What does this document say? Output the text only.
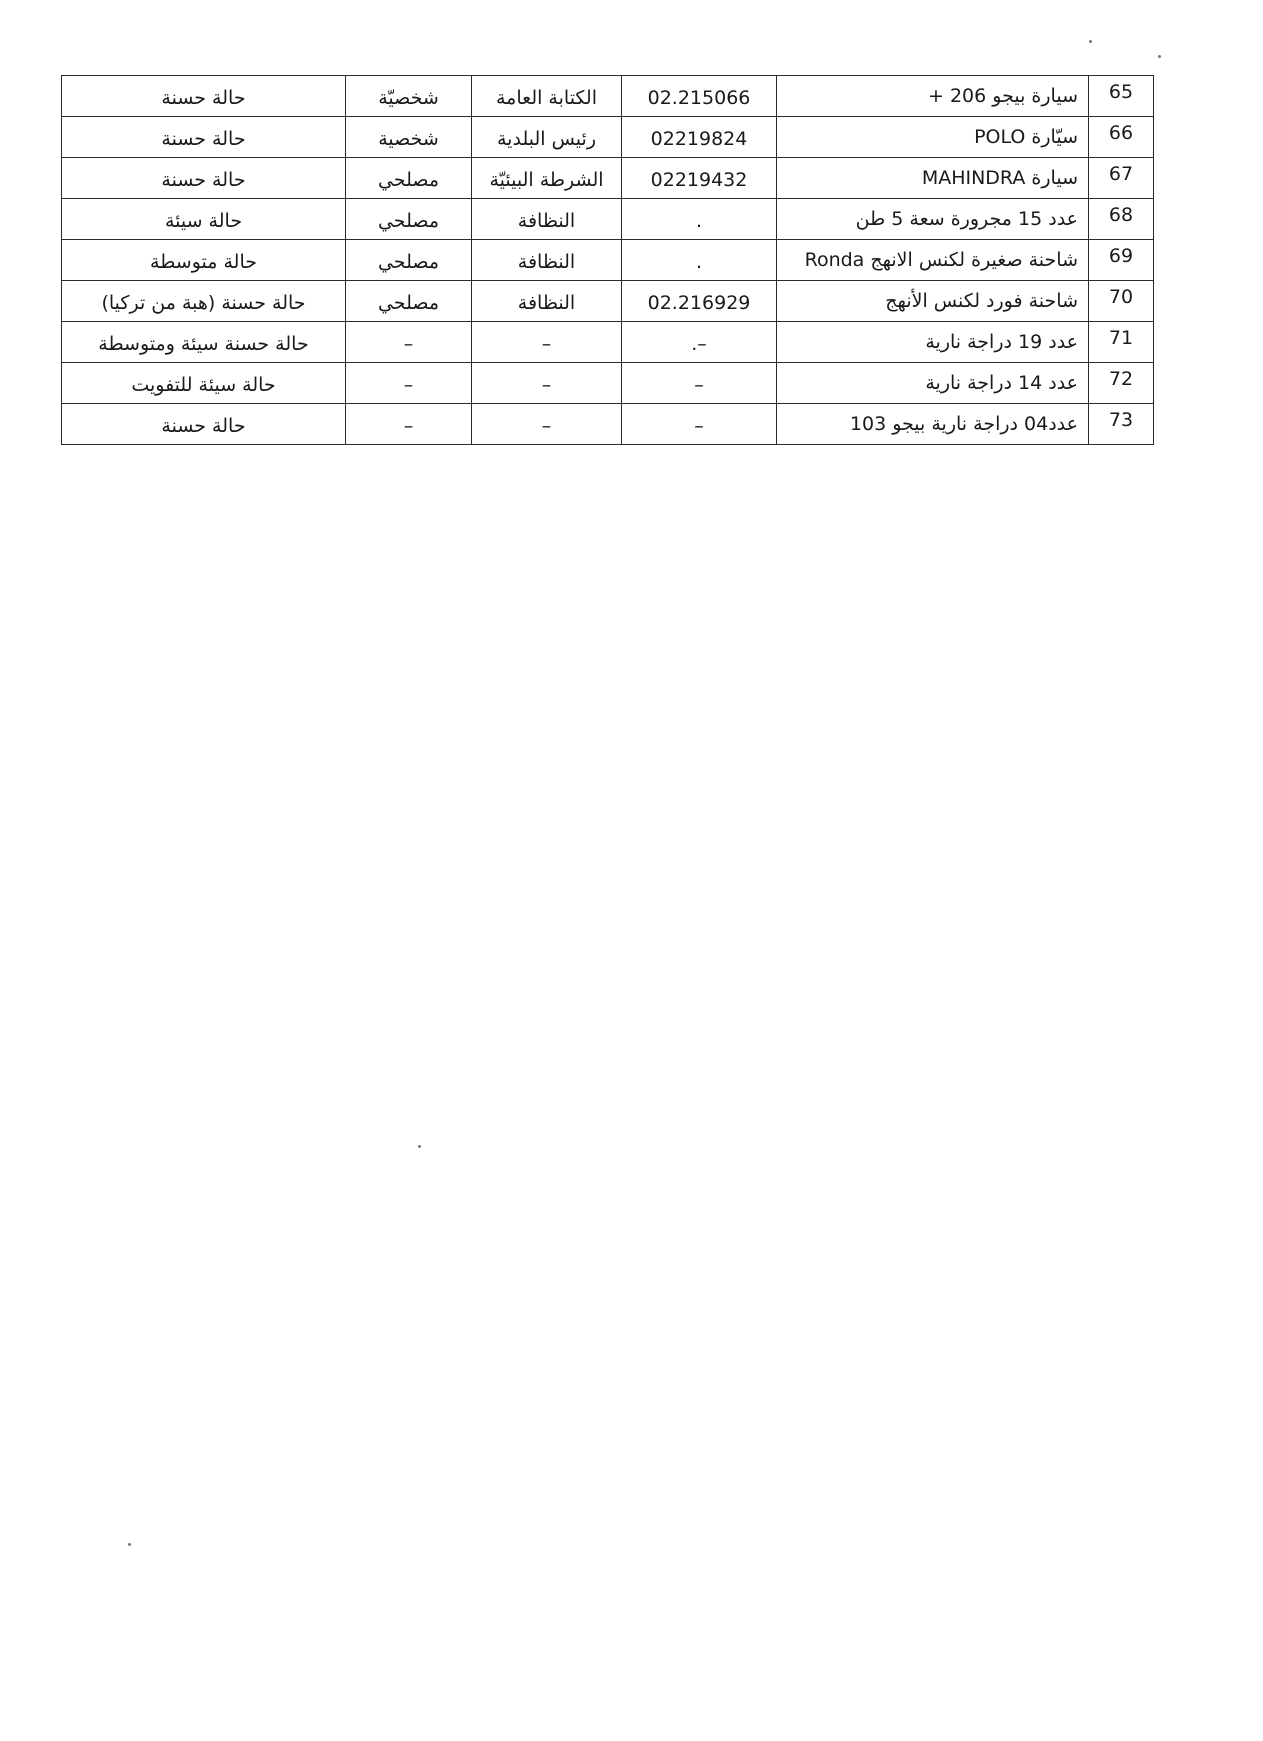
65	سيارة بيجو 206 +	02.215066	الكتابة العامة	شخصيّة	حالة حسنة
66	سيّارة POLO	02219824	رئيس البلدية	شخصية	حالة حسنة
67	سيارة MAHINDRA	02219432	الشرطة البيئيّة	مصلحي	حالة حسنة
68	عدد 15 مجرورة سعة 5 طن	.	النظافة	مصلحي	حالة سيئة
69	شاحنة صغيرة لكنس الانهج Ronda	.	النظافة	مصلحي	حالة متوسطة
70	شاحنة فورد لكنس الأنهج	02.216929	النظافة	مصلحي	حالة حسنة (هبة من تركيا)
71	عدد 19 دراجة نارية	–.	–	–	حالة حسنة سيئة ومتوسطة
72	عدد 14 دراجة نارية	–	–	–	حالة سيئة للتفويت
73	عدد04 دراجة نارية بيجو 103	–	–	–	حالة حسنة
